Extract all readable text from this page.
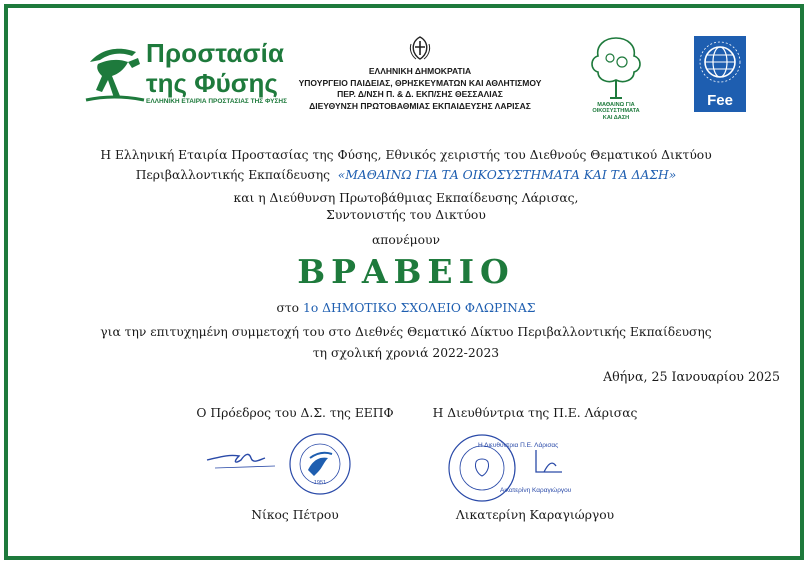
Προστασία
της Φύσης
ΕΛΛΗΝΙΚΗ ΕΤΑΙΡΙΑ ΠΡΟΣΤΑΣΙΑΣ ΤΗΣ ΦΥΣΗΣ
ΕΛΛΗΝΙΚΗ ΔΗΜΟΚΡΑΤΙΑ
ΥΠΟΥΡΓΕΙΟ ΠΑΙΔΕΙΑΣ, ΘΡΗΣΚΕΥΜΑΤΩΝ ΚΑΙ ΑΘΛΗΤΙΣΜΟΥ
ΠΕΡ. Δ/ΝΣΗ Π. & Δ. ΕΚΠ/ΣΗΣ ΘΕΣΣΑΛΙΑΣ
ΔΙΕΥΘΥΝΣΗ ΠΡΩΤΟΒΑΘΜΙΑΣ ΕΚΠΑΙΔΕΥΣΗΣ ΛΑΡΙΣΑΣ	ΜΑΘΑΙΝΩ ΓΙΑ
ΟΙΚΟΣΥΣΤΗΜΑΤΑ
ΚΑΙ ΔΑΣΗ
Fee
Η Ελληνική Εταιρία Προστασίας της Φύσης, Εθνικός χειριστής του Διεθνούς Θεματικού Δικτύου
Περιβαλλοντικής Εκπαίδευσης «ΜΑΘΑΙΝΩ ΓΙΑ ΤΑ ΟΙΚΟΣΥΣΤΗΜΑΤΑ ΚΑΙ ΤΑ ΔΑΣΗ»
και η Διεύθυνση Πρωτοβάθμιας Εκπαίδευσης Λάρισας,
Συντονιστής του Δικτύου
απονέμουν
ΒΡΑΒΕΙΟ
στο 1ο ΔΗΜΟΤΙΚΟ ΣΧΟΛΕΙΟ ΦΛΩΡΙΝΑΣ
για την επιτυχημένη συμμετοχή του στο Διεθνές Θεματικό Δίκτυο Περιβαλλοντικής Εκπαίδευσης
τη σχολική χρονιά 2022-2023
Αθήνα, 25 Ιανουαρίου 2025
Ο Πρόεδρος του Δ.Σ. της ΕΕΠΦ	Η Διευθύντρια της Π.Ε. Λάρισας
1951
Η Διευθύντρια Π.Ε. Λάρισας
Αικατερίνη Καραγιώργου
Νίκος Πέτρου	Λικατερίνη Καραγιώργου
